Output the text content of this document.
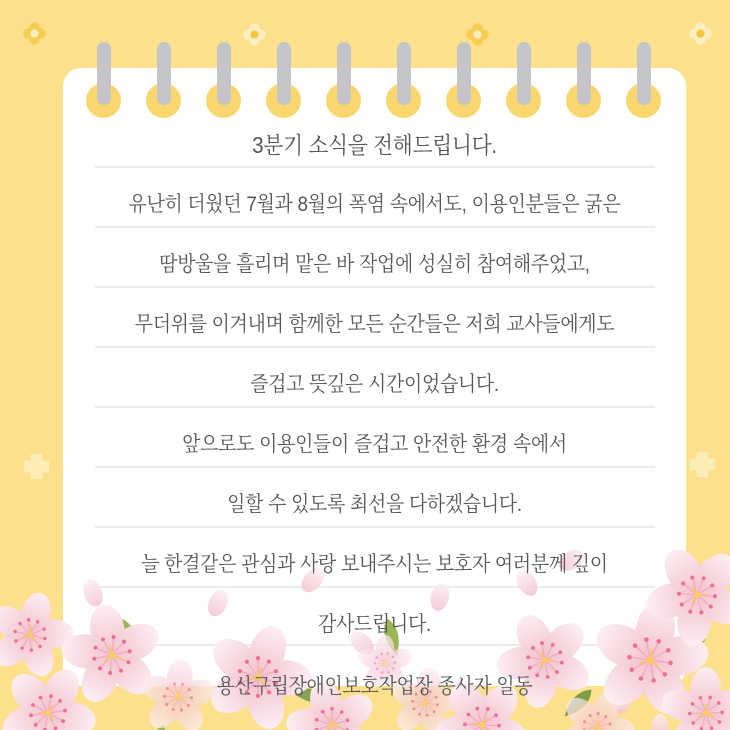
3분기 소식을 전해드립니다.
유난히 더웠던 7월과 8월의 폭염 속에서도, 이용인분들은 굵은
땀방울을 흘리며 맡은 바 작업에 성실히 참여해주었고,
무더위를 이겨내며 함께한 모든 순간들은 저희 교사들에게도
즐겁고 뜻깊은 시간이었습니다.
앞으로도 이용인들이 즐겁고 안전한 환경 속에서
일할 수 있도록 최선을 다하겠습니다.
늘 한결같은 관심과 사랑 보내주시는 보호자 여러분께 깊이
감사드립니다.
용산구립장애인보호작업장 종사자 일동
